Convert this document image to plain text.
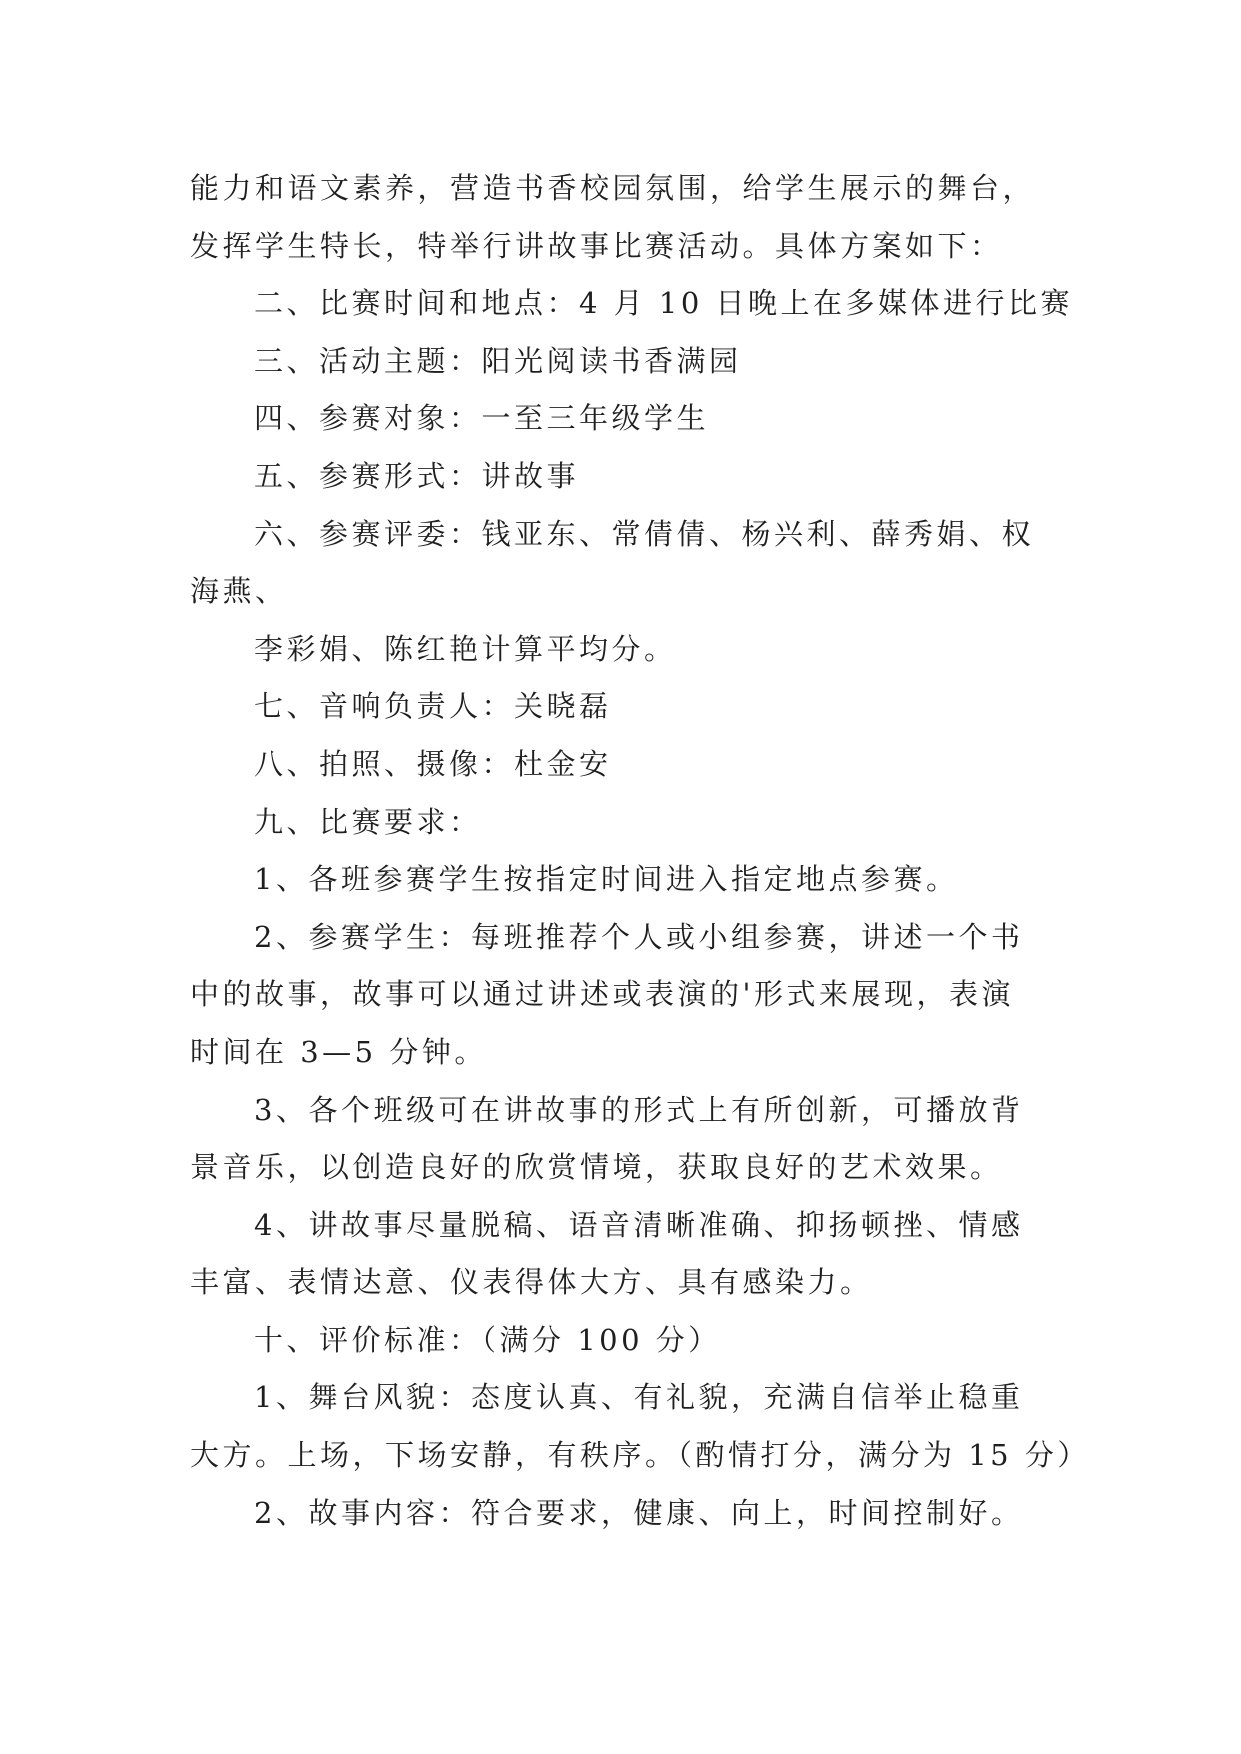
能力和语文素养，营造书香校园氛围，给学生展示的舞台，
发挥学生特长，特举行讲故事比赛活动。具体方案如下：
二、比赛时间和地点：4 月 10 日晚上在多媒体进行比赛
三、活动主题：阳光阅读书香满园
四、参赛对象：一至三年级学生
五、参赛形式：讲故事
六、参赛评委：钱亚东、常倩倩、杨兴利、薛秀娟、权
海燕、
李彩娟、陈红艳计算平均分。
七、音响负责人：关晓磊
八、拍照、摄像：杜金安
九、比赛要求：
1、各班参赛学生按指定时间进入指定地点参赛。
2、参赛学生：每班推荐个人或小组参赛，讲述一个书
中的故事，故事可以通过讲述或表演的'形式来展现，表演
时间在 3—5 分钟。
3、各个班级可在讲故事的形式上有所创新，可播放背
景音乐，以创造良好的欣赏情境，获取良好的艺术效果。
4、讲故事尽量脱稿、语音清晰准确、抑扬顿挫、情感
丰富、表情达意、仪表得体大方、具有感染力。
十、评价标准：（满分 100 分）
1、舞台风貌：态度认真、有礼貌，充满自信举止稳重
大方。上场，下场安静，有秩序。（酌情打分，满分为 15 分）
2、故事内容：符合要求，健康、向上，时间控制好。
